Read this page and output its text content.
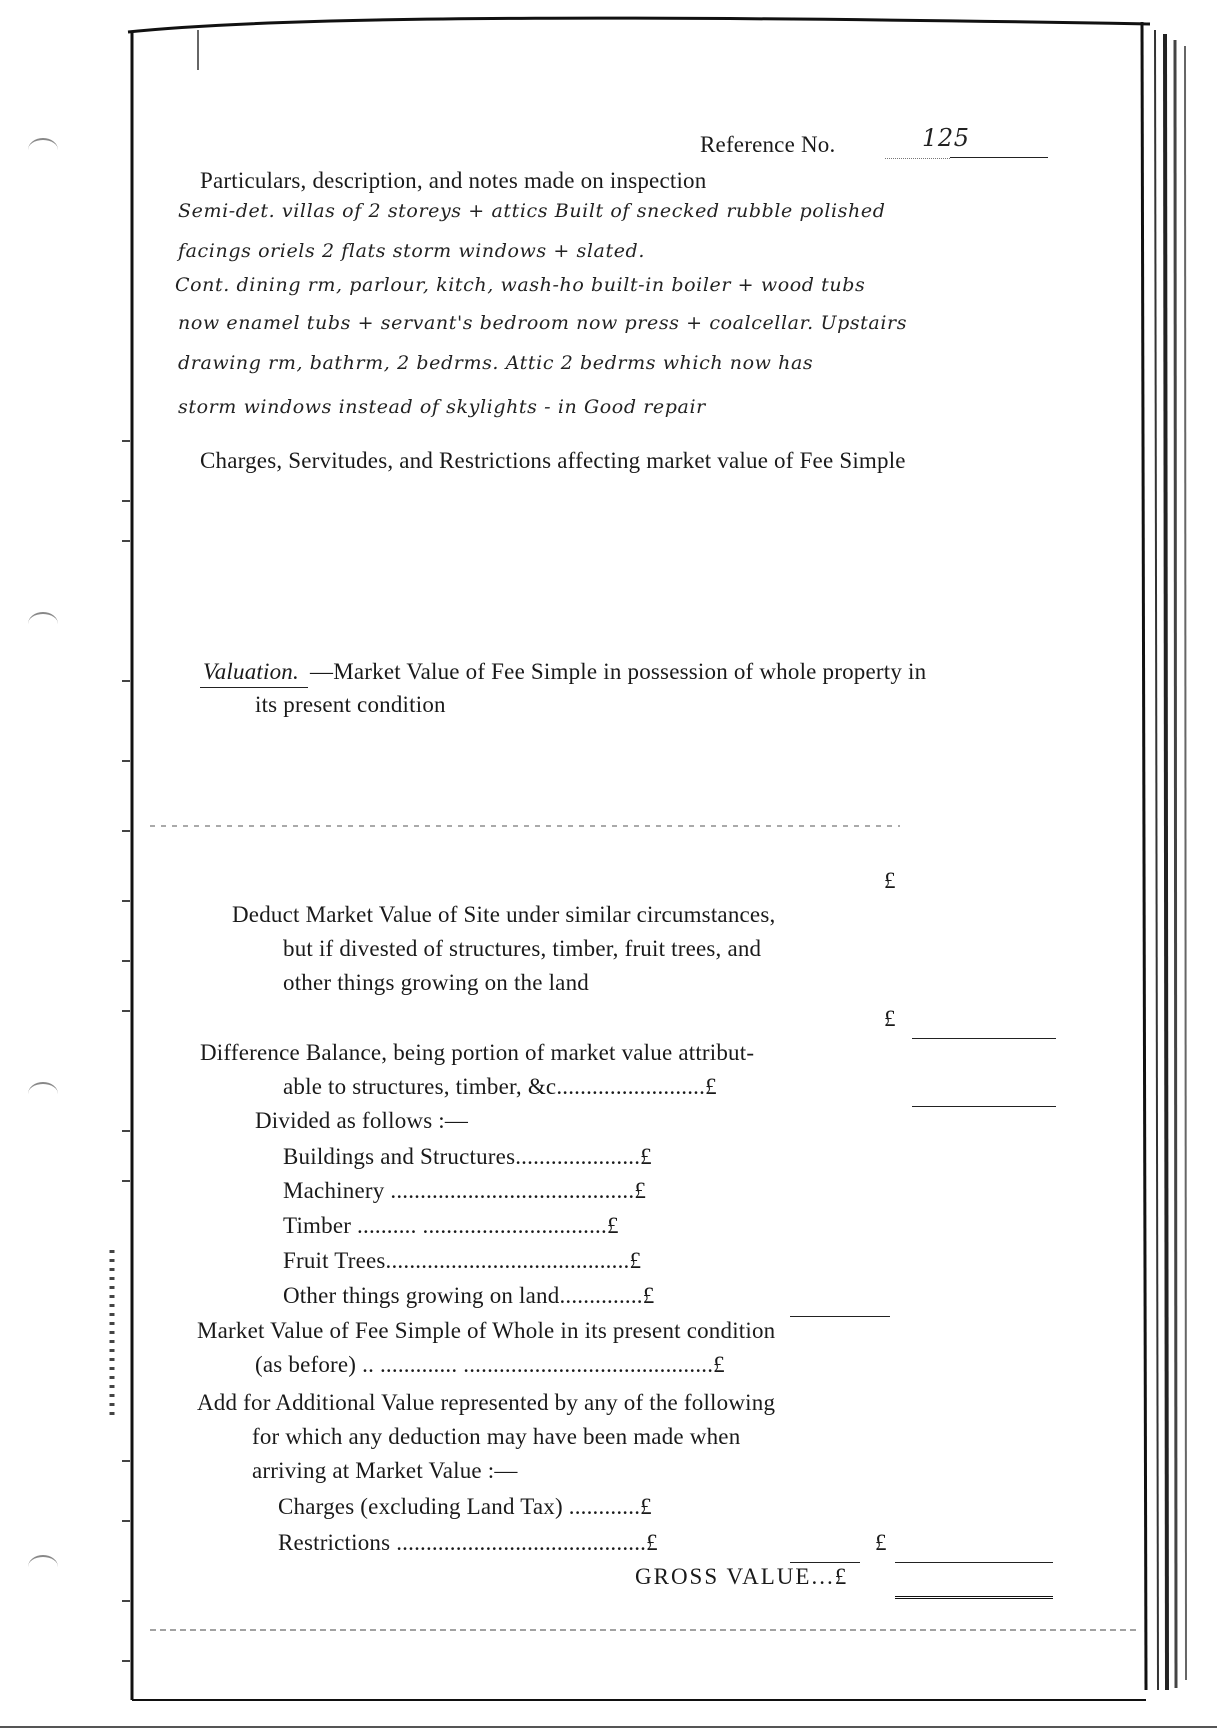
Reference No.	125
Particulars, description, and notes made on inspection
Semi-det. villas of 2 storeys + attics Built of snecked rubble polished
facings oriels 2 flats storm windows + slated.
Cont. dining rm, parlour, kitch, wash-ho built-in boiler + wood tubs
now enamel tubs + servant's bedroom now press + coalcellar. Upstairs
drawing rm, bathrm, 2 bedrms. Attic 2 bedrms which now has
storm windows instead of skylights - in Good repair
Charges, Servitudes, and Restrictions affecting market value of Fee Simple
Valuation. —Market Value of Fee Simple in possession of whole property in
its present condition
£
Deduct Market Value of Site under similar circumstances,
but if divested of structures, timber, fruit trees, and
other things growing on the land
£
Difference Balance, being portion of market value attribut-
able to structures, timber, &c.........................£
Divided as follows :—
Buildings and Structures.....................£
Machinery .........................................£
Timber .......... ...............................£
Fruit Trees.........................................£
Other things growing on land..............£
Market Value of Fee Simple of Whole in its present condition
(as before) .. ............. ..........................................£
Add for Additional Value represented by any of the following
for which any deduction may have been made when
arriving at Market Value :—
Charges (excluding Land Tax) ............£
Restrictions ..........................................£	£
GROSS VALUE...£
